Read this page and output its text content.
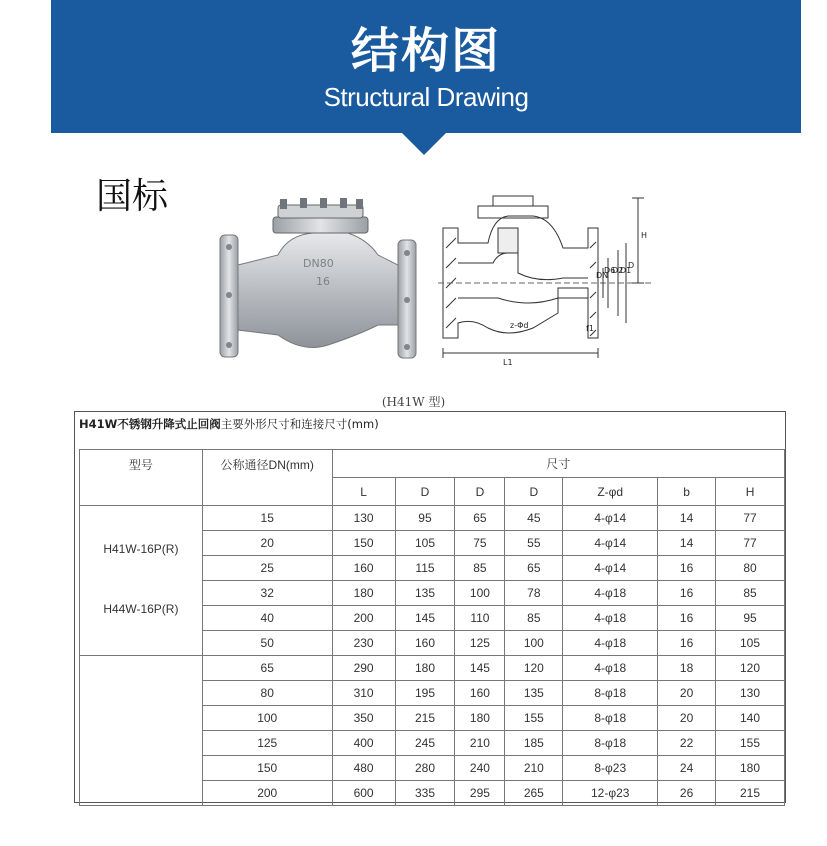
结构图
Structural Drawing
国标
DN80
16
H
DN
D6
D2
D1
D
z-Φd	f1
L1
(H41W 型)
H41W不锈钢升降式止回阀主要外形尺寸和连接尺寸(mm)
型号	公称通径DN(mm)	尺寸						
		L	D	D	D	Z-φd	b	H

H41W-16P(R)
H44W-16P(R)	15	130	95	65	45	4-φ14	14	77
	20	150	105	75	55	4-φ14	14	77
	25	160	115	85	65	4-φ14	16	80
	32	180	135	100	78	4-φ18	16	85
	40	200	145	110	85	4-φ18	16	95
	50	230	160	125	100	4-φ18	16	105
	65	290	180	145	120	4-φ18	18	120
	80	310	195	160	135	8-φ18	20	130
	100	350	215	180	155	8-φ18	20	140
	125	400	245	210	185	8-φ18	22	155
	150	480	280	240	210	8-φ23	24	180
	200	600	335	295	265	12-φ23	26	215
